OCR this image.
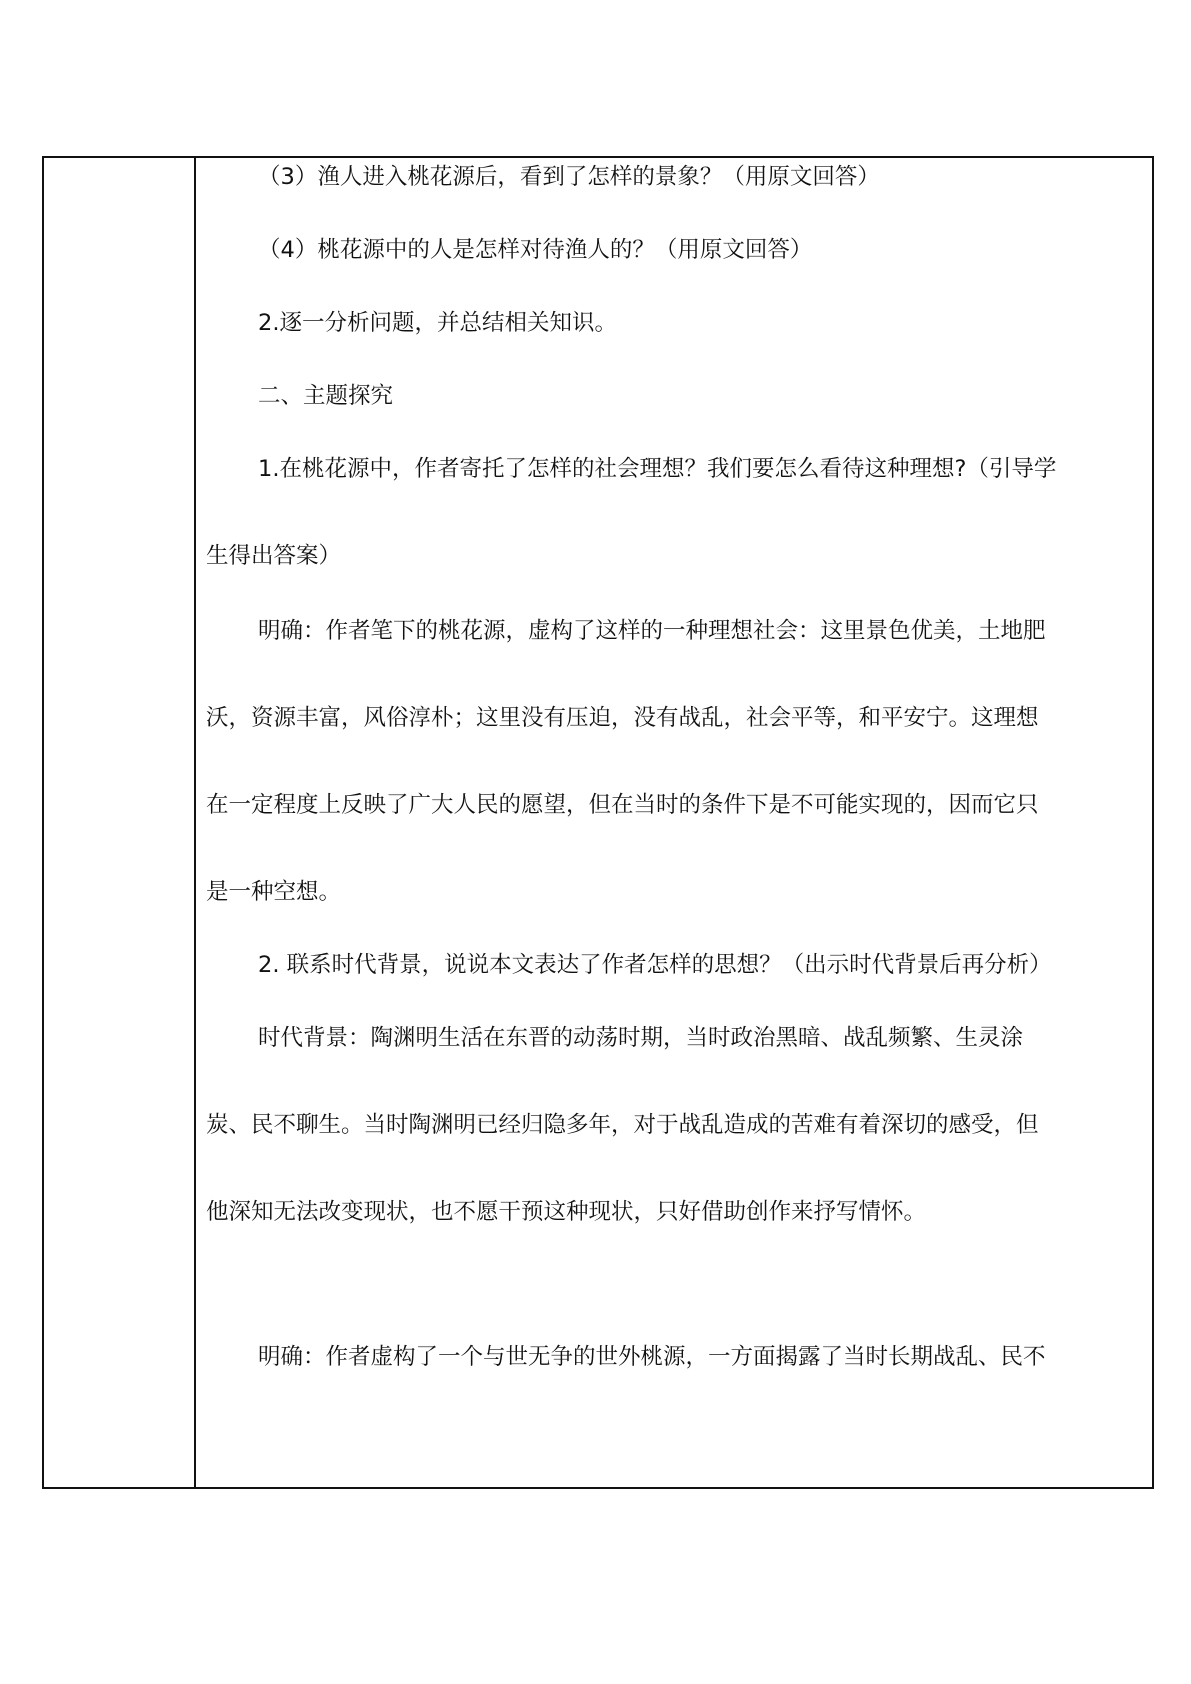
（3）渔人进入桃花源后，看到了怎样的景象？（用原文回答）

（4）桃花源中的人是怎样对待渔人的？（用原文回答）

2.逐一分析问题，并总结相关知识。

二、主题探究

1.在桃花源中，作者寄托了怎样的社会理想？我们要怎么看待这种理想?（引导学

生得出答案）

明确：作者笔下的桃花源，虚构了这样的一种理想社会：这里景色优美，土地肥

沃，资源丰富，风俗淳朴；这里没有压迫，没有战乱，社会平等，和平安宁。这理想

在一定程度上反映了广大人民的愿望，但在当时的条件下是不可能实现的，因而它只

是一种空想。

2. 联系时代背景，说说本文表达了作者怎样的思想？（出示时代背景后再分析）

时代背景：陶渊明生活在东晋的动荡时期，当时政治黑暗、战乱频繁、生灵涂

炭、民不聊生。当时陶渊明已经归隐多年，对于战乱造成的苦难有着深切的感受，但

他深知无法改变现状，也不愿干预这种现状，只好借助创作来抒写情怀。

明确：作者虚构了一个与世无争的世外桃源，一方面揭露了当时长期战乱、民不
